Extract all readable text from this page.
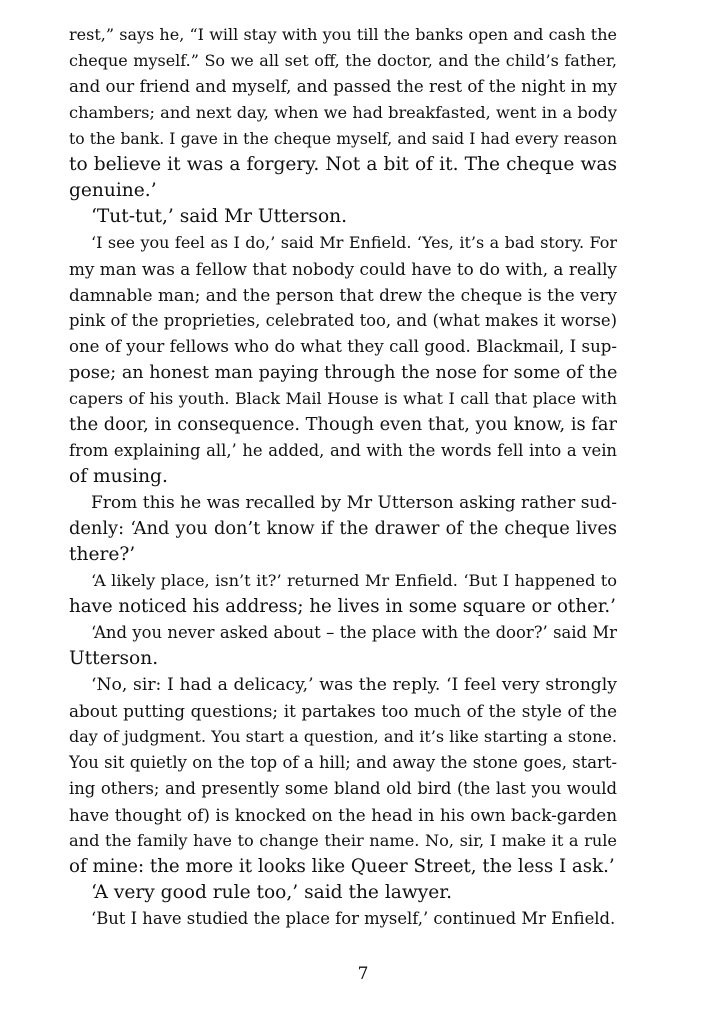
rest,” says he, “I will stay with you till the banks open and cash the
cheque myself.” So we all set off, the doctor, and the child’s father,
and our friend and myself, and passed the rest of the night in my
chambers; and next day, when we had breakfasted, went in a body
to the bank. I gave in the cheque myself, and said I had every reason
to believe it was a forgery. Not a bit of it. The cheque was
genuine.’
‘Tut-tut,’ said Mr Utterson.
‘I see you feel as I do,’ said Mr Enfield. ‘Yes, it’s a bad story. For
my man was a fellow that nobody could have to do with, a really
damnable man; and the person that drew the cheque is the very
pink of the proprieties, celebrated too, and (what makes it worse)
one of your fellows who do what they call good. Blackmail, I sup-
pose; an honest man paying through the nose for some of the
capers of his youth. Black Mail House is what I call that place with
the door, in consequence. Though even that, you know, is far
from explaining all,’ he added, and with the words fell into a vein
of musing.
From this he was recalled by Mr Utterson asking rather sud-
denly: ‘And you don’t know if the drawer of the cheque lives
there?’
‘A likely place, isn’t it?’ returned Mr Enfield. ‘But I happened to
have noticed his address; he lives in some square or other.’
‘And you never asked about – the place with the door?’ said Mr
Utterson.
‘No, sir: I had a delicacy,’ was the reply. ‘I feel very strongly
about putting questions; it partakes too much of the style of the
day of judgment. You start a question, and it’s like starting a stone.
You sit quietly on the top of a hill; and away the stone goes, start-
ing others; and presently some bland old bird (the last you would
have thought of) is knocked on the head in his own back-garden
and the family have to change their name. No, sir, I make it a rule
of mine: the more it looks like Queer Street, the less I ask.’
‘A very good rule too,’ said the lawyer.
‘But I have studied the place for myself,’ continued Mr Enfield.
7
